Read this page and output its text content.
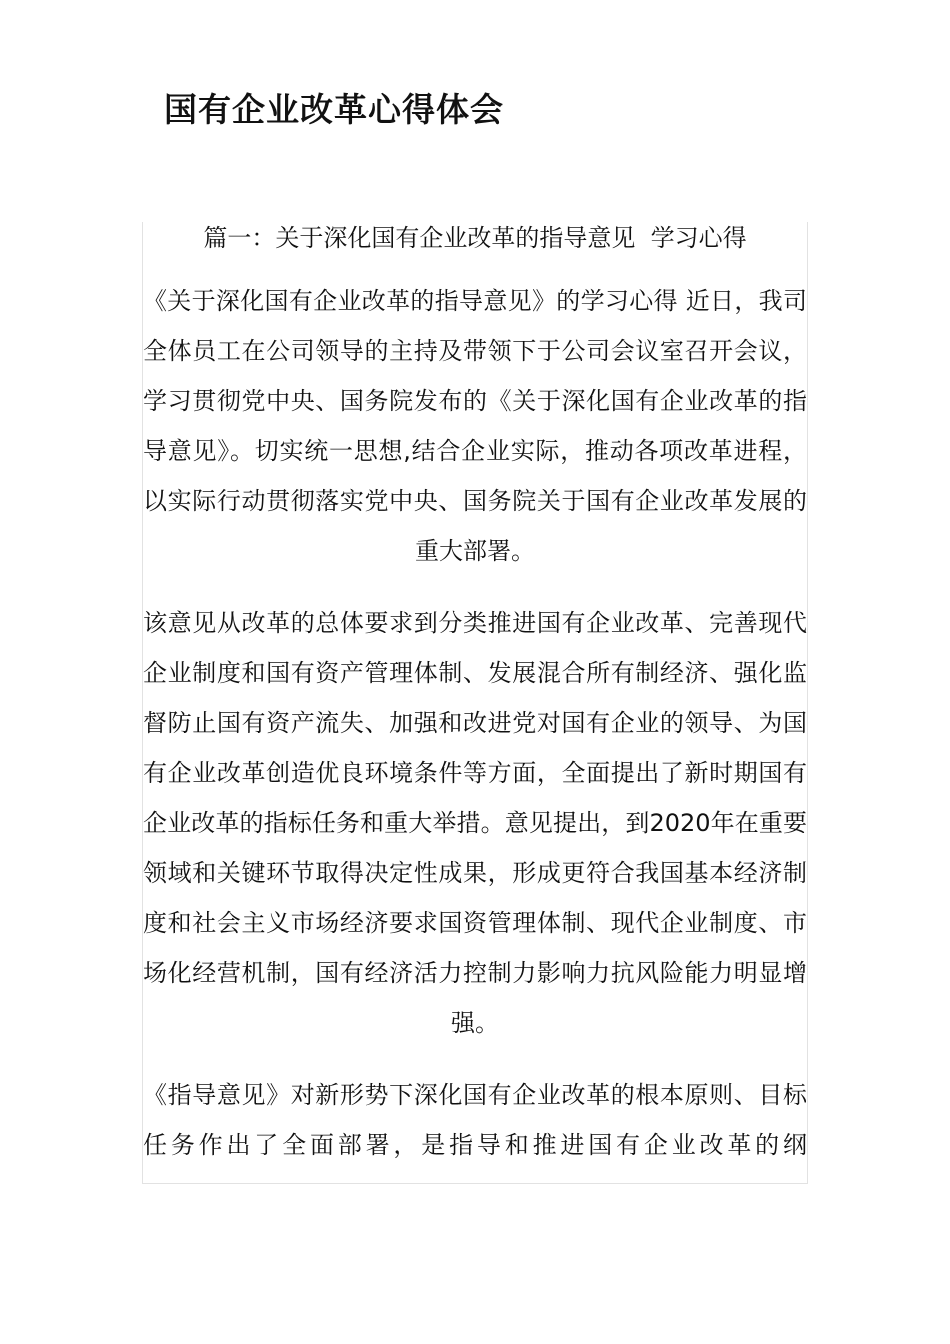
国有企业改革心得体会
篇一：关于深化国有企业改革的指导意见  学习心得

《关于深化国有企业改革的指导意见》的学习心得 近日，我司全体员工在公司领导的主持及带领下于公司会议室召开会议，学习贯彻党中央、国务院发布的《关于深化国有企业改革的指导意见》。切实统一思想,结合企业实际，推动各项改革进程，以实际行动贯彻落实党中央、国务院关于国有企业改革发展的重大部署。

该意见从改革的总体要求到分类推进国有企业改革、完善现代企业制度和国有资产管理体制、发展混合所有制经济、强化监督防止国有资产流失、加强和改进党对国有企业的领导、为国有企业改革创造优良环境条件等方面，全面提出了新时期国有企业改革的指标任务和重大举措。意见提出，到2020年在重要领域和关键环节取得决定性成果，形成更符合我国基本经济制度和社会主义市场经济要求国资管理体制、现代企业制度、市场化经营机制，国有经济活力控制力影响力抗风险能力明显增强。

《指导意见》对新形势下深化国有企业改革的根本原则、目标任务作出了全面部署，是指导和推进国有企业改革的纲
